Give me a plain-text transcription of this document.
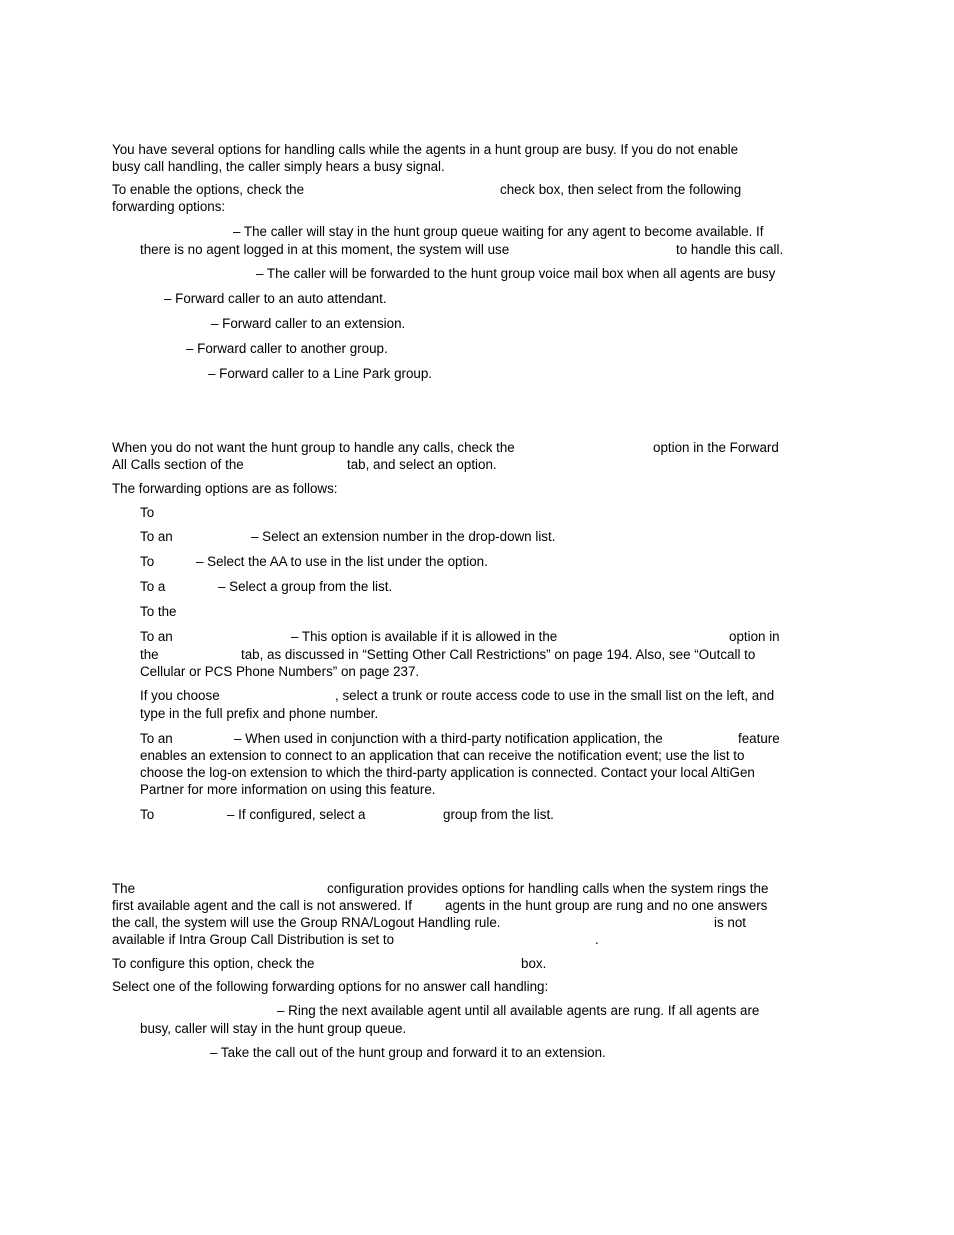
You have several options for handling calls while the agents in a hunt group are busy. If you do not enable
busy call handling, the caller simply hears a busy signal.
To enable the options, check the	check box, then select from the following
forwarding options:
– The caller will stay in the hunt group queue waiting for any agent to become available. If
there is no agent logged in at this moment, the system will use	to handle this call.
– The caller will be forwarded to the hunt group voice mail box when all agents are busy
– Forward caller to an auto attendant.
– Forward caller to an extension.
– Forward caller to another group.
– Forward caller to a Line Park group.
When you do not want the hunt group to handle any calls, check the	option in the Forward
All Calls section of the	tab, and select an option.
The forwarding options are as follows:
To
To an	– Select an extension number in the drop-down list.
To	– Select the AA to use in the list under the option.
To a	– Select a group from the list.
To the
To an	– This option is available if it is allowed in the	option in
the	tab, as discussed in “Setting Other Call Restrictions” on page 194. Also, see “Outcall to
Cellular or PCS Phone Numbers” on page 237.
If you choose	, select a trunk or route access code to use in the small list on the left, and
type in the full prefix and phone number.
To an	– When used in conjunction with a third-party notification application, the	feature
enables an extension to connect to an application that can receive the notification event; use the list to
choose the log-on extension to which the third-party application is connected. Contact your local AltiGen
Partner for more information on using this feature.
To	– If configured, select a	group from the list.
The	configuration provides options for handling calls when the system rings the
first available agent and the call is not answered. If agents in the hunt group are rung and no one answers
the call, the system will use the Group RNA/Logout Handling rule.	is not
available if Intra Group Call Distribution is set to	.
To configure this option, check the	box.
Select one of the following forwarding options for no answer call handling:
– Ring the next available agent until all available agents are rung. If all agents are
busy, caller will stay in the hunt group queue.
– Take the call out of the hunt group and forward it to an extension.
